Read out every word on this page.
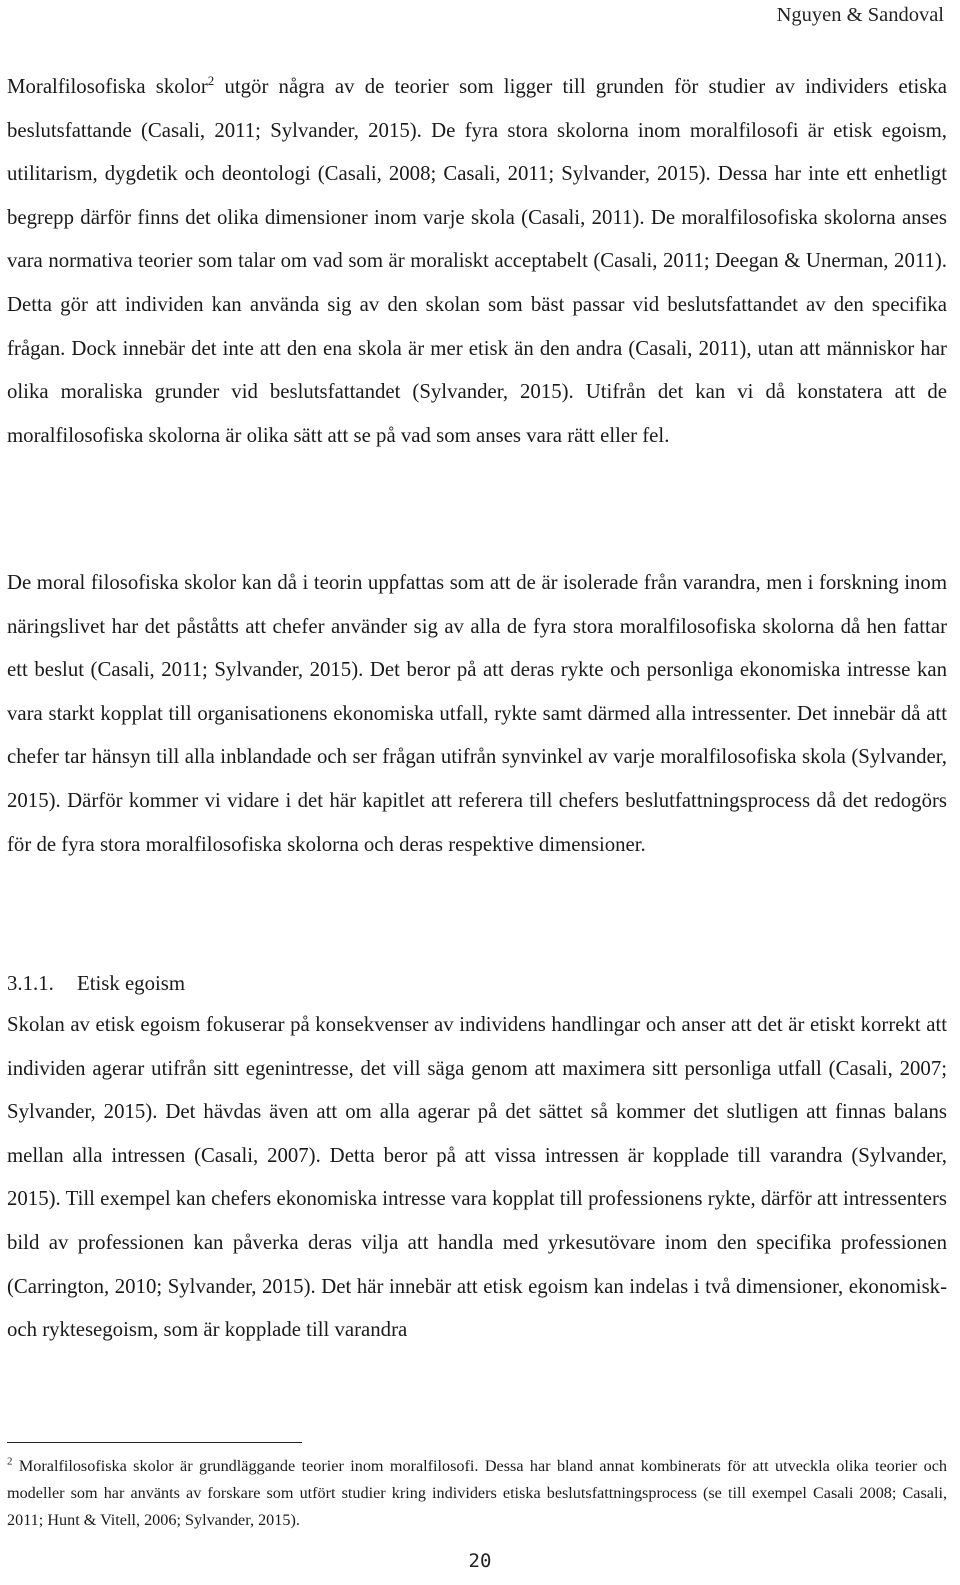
Nguyen & Sandoval

Moralfilosofiska skolor$^2$ utgör några av de teorier som ligger till grunden för studier av individers etiska beslutsfattande (Casali, 2011; Sylvander, 2015). De fyra stora skolorna inom moralfilosofi är etisk egoism, utilitarism, dygdetik och deontologi (Casali, 2008; Casali, 2011; Sylvander, 2015). Dessa har inte ett enhetligt begrepp därför finns det olika dimensioner inom varje skola (Casali, 2011). De moralfilosofiska skolorna anses vara normativa teorier som talar om vad som är moraliskt acceptabelt (Casali, 2011; Deegan & Unerman, 2011). Detta gör att individen kan använda sig av den skolan som bäst passar vid beslutsfattandet av den specifika frågan. Dock innebär det inte att den ena skola är mer etisk än den andra (Casali, 2011), utan att människor har olika moraliska grunder vid beslutsfattandet (Sylvander, 2015). Utifrån det kan vi då konstatera att de moralfilosofiska skolorna är olika sätt att se på vad som anses vara rätt eller fel.

De moral filosofiska skolor kan då i teorin uppfattas som att de är isolerade från varandra, men i forskning inom näringslivet har det påståtts att chefer använder sig av alla de fyra stora moralfilosofiska skolorna då hen fattar ett beslut (Casali, 2011; Sylvander, 2015). Det beror på att deras rykte och personliga ekonomiska intresse kan vara starkt kopplat till organisationens ekonomiska utfall, rykte samt därmed alla intressenter. Det innebär då att chefer tar hänsyn till alla inblandade och ser frågan utifrån synvinkel av varje moralfilosofiska skola (Sylvander, 2015). Därför kommer vi vidare i det här kapitlet att referera till chefers beslutfattningsprocess då det redogörs för de fyra stora moralfilosofiska skolorna och deras respektive dimensioner.

3.1.1. Etisk egoism

Skolan av etisk egoism fokuserar på konsekvenser av individens handlingar och anser att det är etiskt korrekt att individen agerar utifrån sitt egenintresse, det vill säga genom att maximera sitt personliga utfall (Casali, 2007; Sylvander, 2015). Det hävdas även att om alla agerar på det sättet så kommer det slutligen att finnas balans mellan alla intressen (Casali, 2007). Detta beror på att vissa intressen är kopplade till varandra (Sylvander, 2015). Till exempel kan chefers ekonomiska intresse vara kopplat till professionens rykte, därför att intressenters bild av professionen kan påverka deras vilja att handla med yrkesutövare inom den specifika professionen (Carrington, 2010; Sylvander, 2015). Det här innebär att etisk egoism kan indelas i två dimensioner, ekonomisk- och ryktesegoism, som är kopplade till varandra

$^2$ Moralfilosofiska skolor är grundläggande teorier inom moralfilosofi. Dessa har bland annat kombinerats för att utveckla olika teorier och modeller som har använts av forskare som utfört studier kring individers etiska beslutsfattningsprocess (se till exempel Casali 2008; Casali, 2011; Hunt & Vitell, 2006; Sylvander, 2015).

20
